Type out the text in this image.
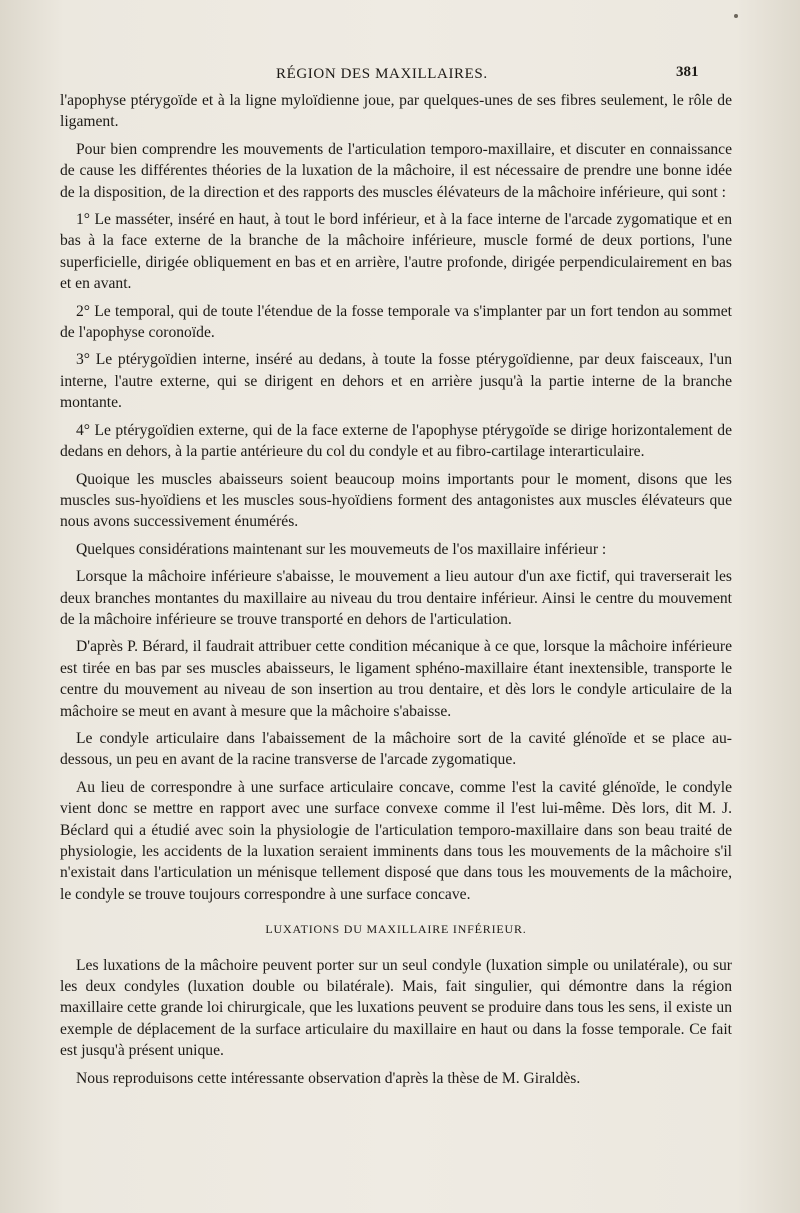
RÉGION DES MAXILLAIRES.	381

l'apophyse ptérygoïde et à la ligne myloïdienne joue, par quelques-unes de ses fibres seulement, le rôle de ligament.

Pour bien comprendre les mouvements de l'articulation temporo-maxillaire, et discuter en connaissance de cause les différentes théories de la luxation de la mâchoire, il est nécessaire de prendre une bonne idée de la disposition, de la direction et des rapports des muscles élévateurs de la mâchoire inférieure, qui sont :

1° Le masséter, inséré en haut, à tout le bord inférieur, et à la face interne de l'arcade zygomatique et en bas à la face externe de la branche de la mâchoire inférieure, muscle formé de deux portions, l'une superficielle, dirigée obliquement en bas et en arrière, l'autre profonde, dirigée perpendiculairement en bas et en avant.

2° Le temporal, qui de toute l'étendue de la fosse temporale va s'implanter par un fort tendon au sommet de l'apophyse coronoïde.

3° Le ptérygoïdien interne, inséré au dedans, à toute la fosse ptérygoïdienne, par deux faisceaux, l'un interne, l'autre externe, qui se dirigent en dehors et en arrière jusqu'à la partie interne de la branche montante.

4° Le ptérygoïdien externe, qui de la face externe de l'apophyse ptérygoïde se dirige horizontalement de dedans en dehors, à la partie antérieure du col du condyle et au fibro-cartilage interarticulaire.

Quoique les muscles abaisseurs soient beaucoup moins importants pour le moment, disons que les muscles sus-hyoïdiens et les muscles sous-hyoïdiens forment des antagonistes aux muscles élévateurs que nous avons successivement énumérés.

Quelques considérations maintenant sur les mouvemeuts de l'os maxillaire inférieur :

Lorsque la mâchoire inférieure s'abaisse, le mouvement a lieu autour d'un axe fictif, qui traverserait les deux branches montantes du maxillaire au niveau du trou dentaire inférieur. Ainsi le centre du mouvement de la mâchoire inférieure se trouve transporté en dehors de l'articulation.

D'après P. Bérard, il faudrait attribuer cette condition mécanique à ce que, lorsque la mâchoire inférieure est tirée en bas par ses muscles abaisseurs, le ligament sphéno-maxillaire étant inextensible, transporte le centre du mouvement au niveau de son insertion au trou dentaire, et dès lors le condyle articulaire de la mâchoire se meut en avant à mesure que la mâchoire s'abaisse.

Le condyle articulaire dans l'abaissement de la mâchoire sort de la cavité glénoïde et se place au-dessous, un peu en avant de la racine transverse de l'arcade zygomatique.

Au lieu de correspondre à une surface articulaire concave, comme l'est la cavité glénoïde, le condyle vient donc se mettre en rapport avec une surface convexe comme il l'est lui-même. Dès lors, dit M. J. Béclard qui a étudié avec soin la physiologie de l'articulation temporo-maxillaire dans son beau traité de physiologie, les accidents de la luxation seraient imminents dans tous les mouvements de la mâchoire s'il n'existait dans l'articulation un ménisque tellement disposé que dans tous les mouvements de la mâchoire, le condyle se trouve toujours correspondre à une surface concave.

LUXATIONS DU MAXILLAIRE INFÉRIEUR.

Les luxations de la mâchoire peuvent porter sur un seul condyle (luxation simple ou unilatérale), ou sur les deux condyles (luxation double ou bilatérale). Mais, fait singulier, qui démontre dans la région maxillaire cette grande loi chirurgicale, que les luxations peuvent se produire dans tous les sens, il existe un exemple de déplacement de la surface articulaire du maxillaire en haut ou dans la fosse temporale. Ce fait est jusqu'à présent unique.

Nous reproduisons cette intéressante observation d'après la thèse de M. Giraldès.
